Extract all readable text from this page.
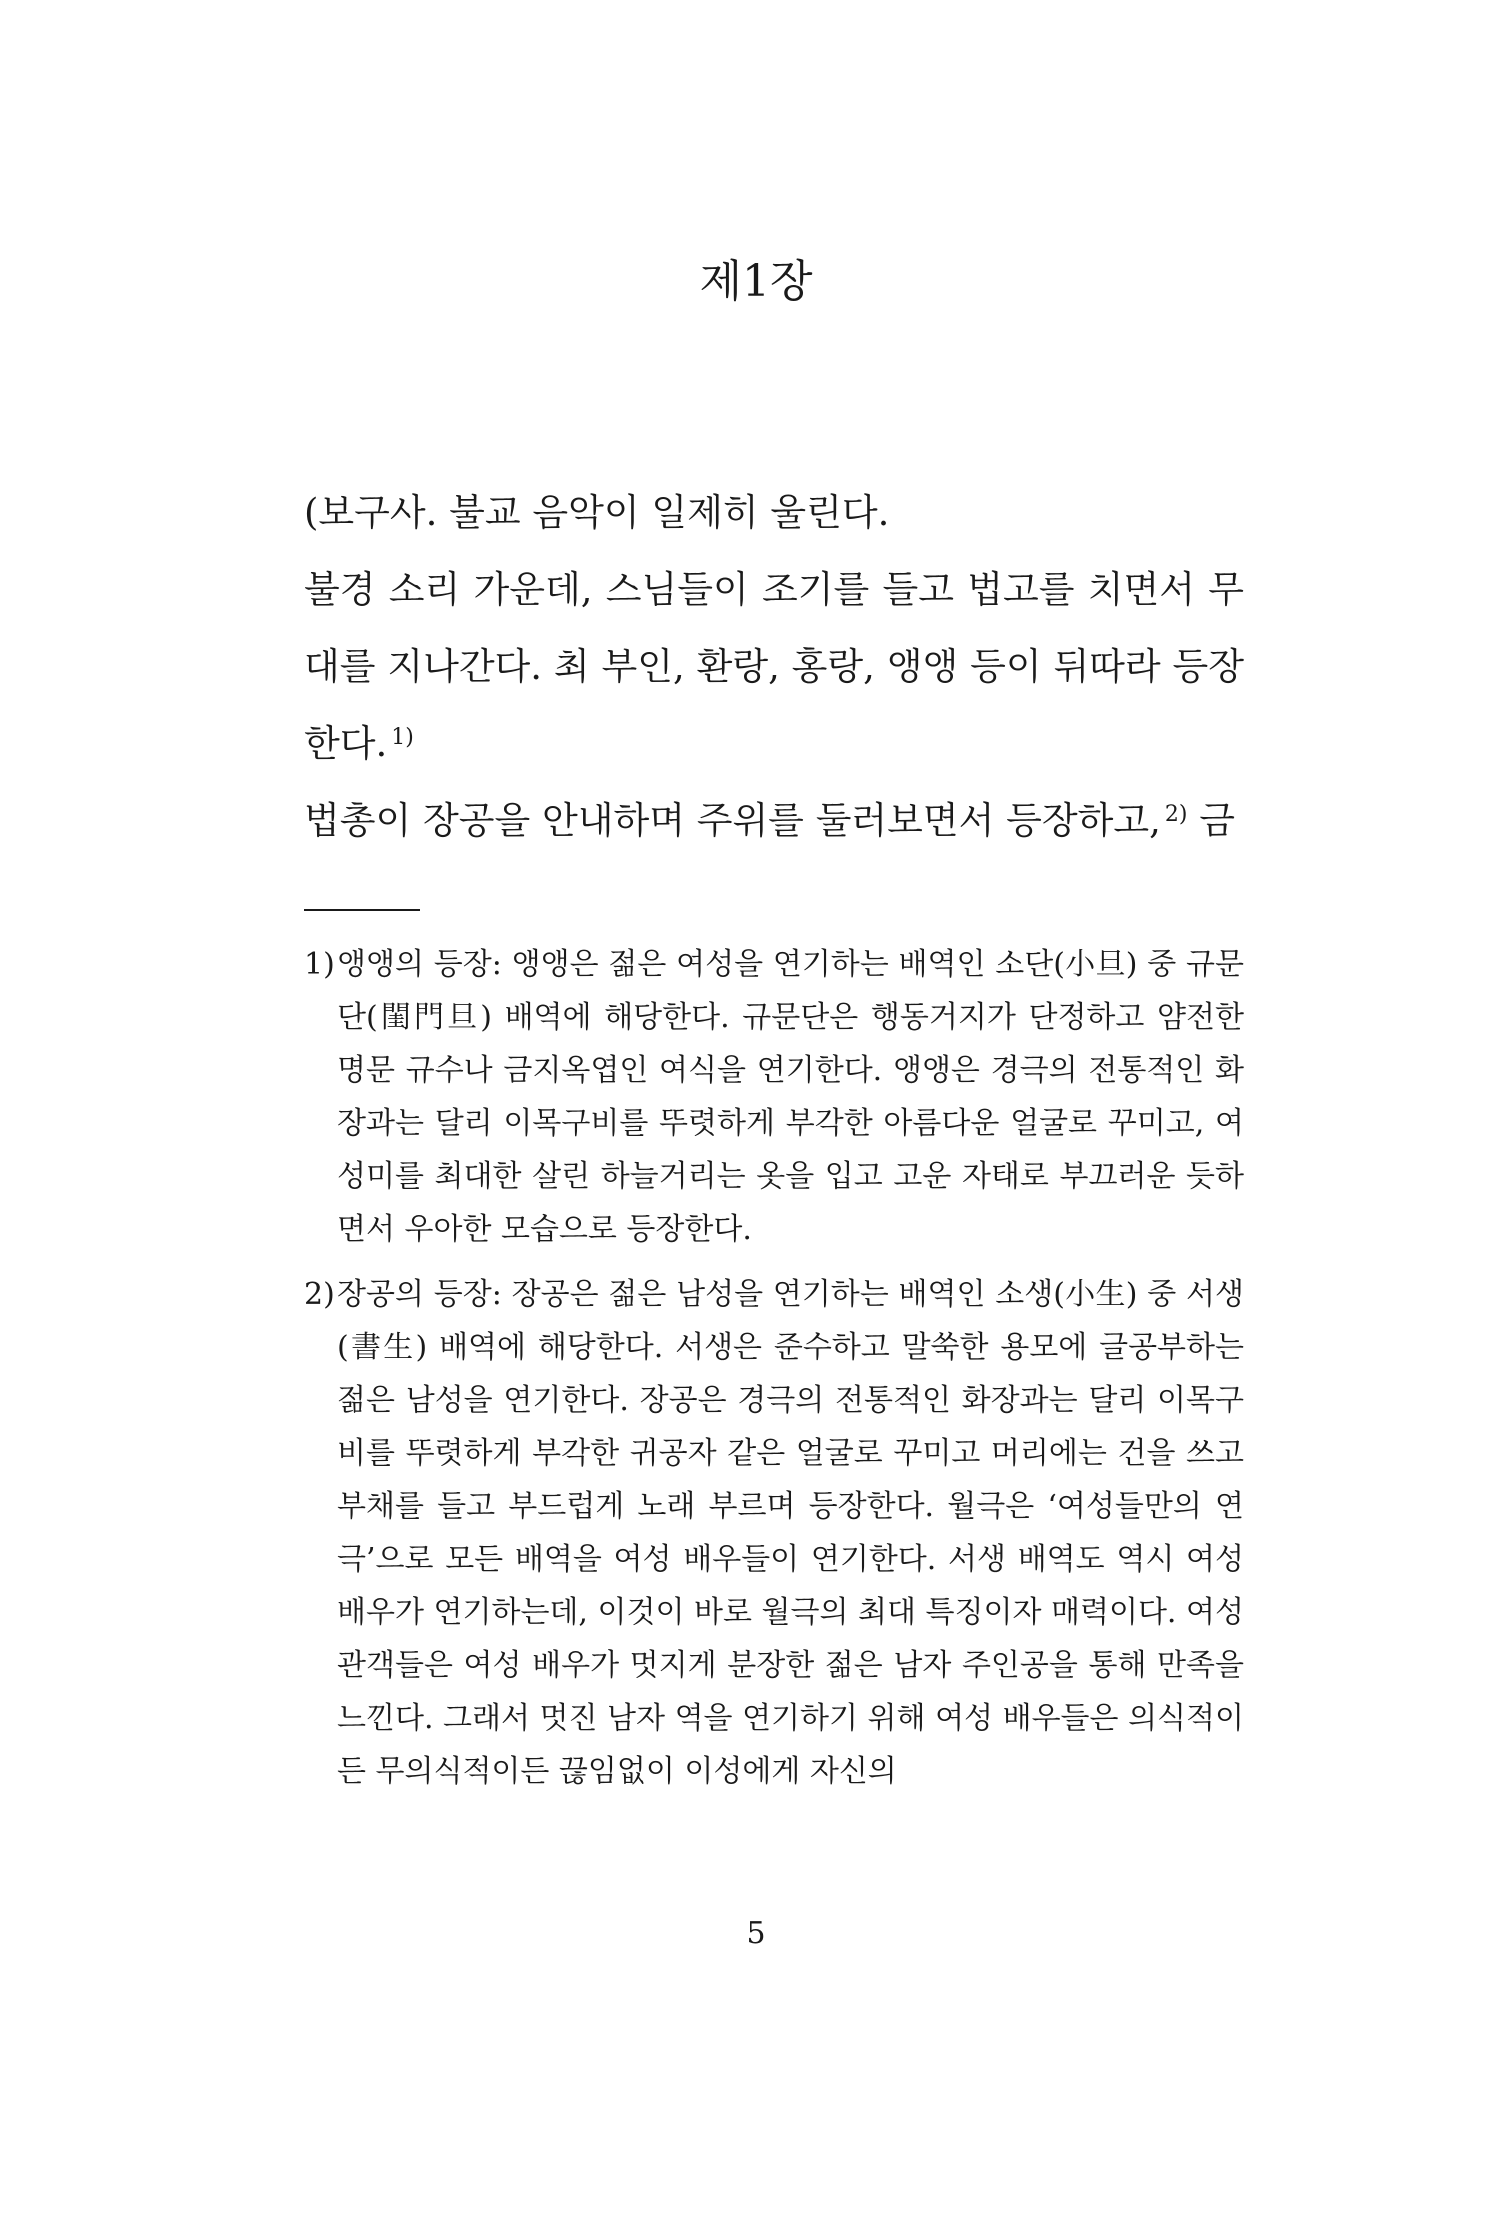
제1장

(보구사. 불교 음악이 일제히 울린다.

불경 소리 가운데, 스님들이 조기를 들고 법고를 치면서 무대를 지나간다. 최 부인, 환랑, 홍랑, 앵앵 등이 뒤따라 등장한다. $^{1)}$

법총이 장공을 안내하며 주위를 둘러보면서 등장하고, $^{2)}$ 금

1) 앵앵의 등장: 앵앵은 젊은 여성을 연기하는 배역인 소단(小旦) 중 규문단(閨門旦) 배역에 해당한다. 규문단은 행동거지가 단정하고 얌전한 명문 규수나 금지옥엽인 여식을 연기한다. 앵앵은 경극의 전통적인 화장과는 달리 이목구비를 뚜렷하게 부각한 아름다운 얼굴로 꾸미고, 여성미를 최대한 살린 하늘거리는 옷을 입고 고운 자태로 부끄러운 듯하면서 우아한 모습으로 등장한다.
2) 장공의 등장: 장공은 젊은 남성을 연기하는 배역인 소생(小生) 중 서생(書生) 배역에 해당한다. 서생은 준수하고 말쑥한 용모에 글공부하는 젊은 남성을 연기한다. 장공은 경극의 전통적인 화장과는 달리 이목구비를 뚜렷하게 부각한 귀공자 같은 얼굴로 꾸미고 머리에는 건을 쓰고 부채를 들고 부드럽게 노래 부르며 등장한다. 월극은 ‘여성들만의 연극’으로 모든 배역을 여성 배우들이 연기한다. 서생 배역도 역시 여성 배우가 연기하는데, 이것이 바로 월극의 최대 특징이자 매력이다. 여성 관객들은 여성 배우가 멋지게 분장한 젊은 남자 주인공을 통해 만족을 느낀다. 그래서 멋진 남자 역을 연기하기 위해 여성 배우들은 의식적이든 무의식적이든 끊임없이 이성에게 자신의
5
